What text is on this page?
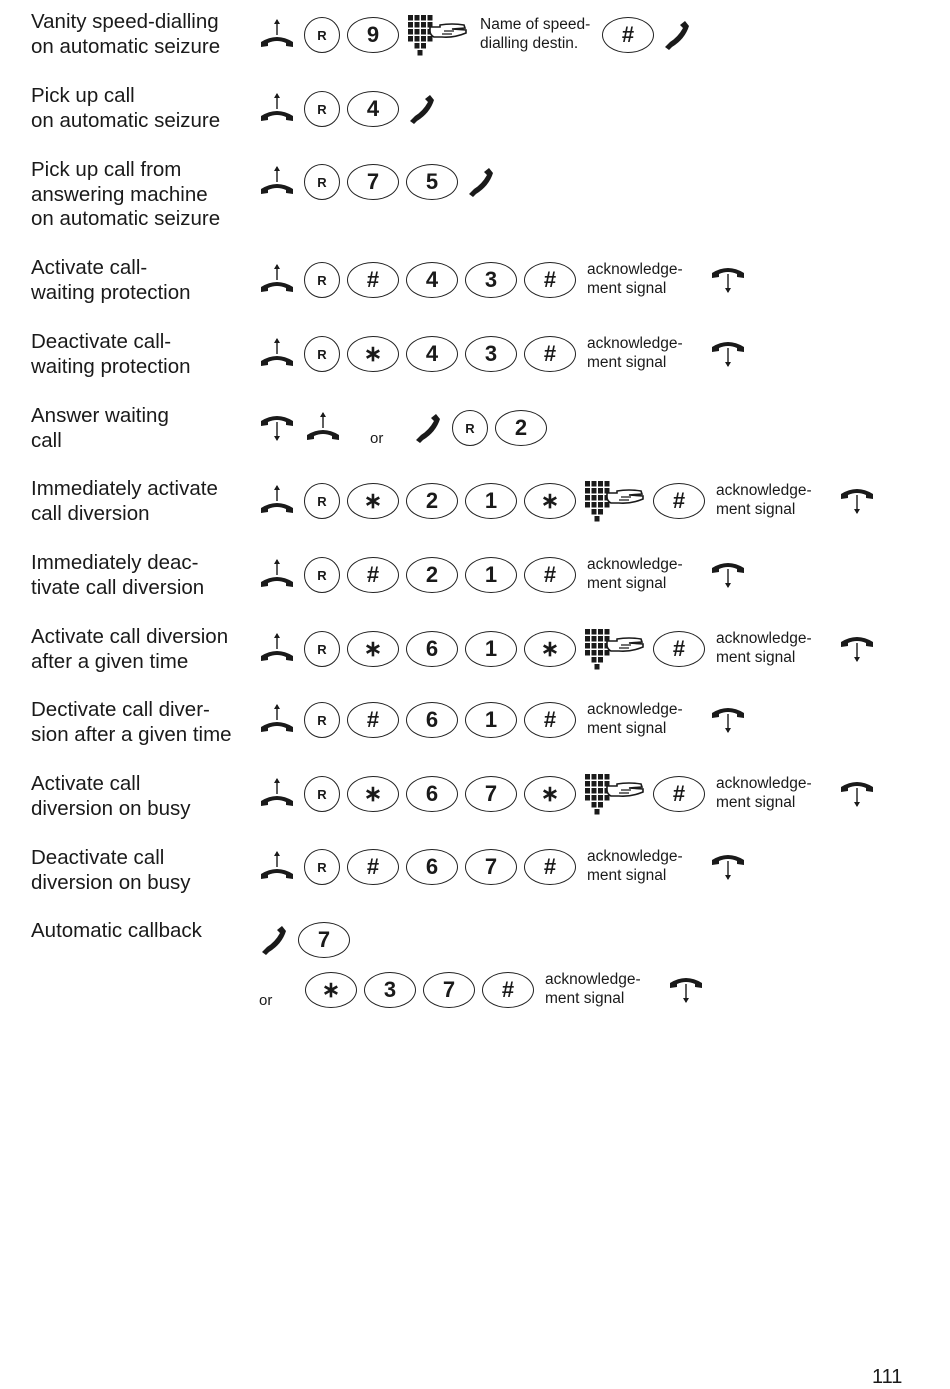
Vanity speed-dialling
on automatic seizure	R	9	Name of speed-
dialling destin.	#
Pick up call
on automatic seizure	R	4
Pick up call from
answering machine
on automatic seizure
R	7	5
Activate call-
waiting protection
R	#	4	3	#	acknowledge-
ment signal
Deactivate call-
waiting protection
R	∗	4	3	#	acknowledge-
ment signal
Answer waiting
call	or
R	2
Immediately activate
call diversion
R	∗	2	1	∗	#	acknowledge-
ment signal
Immediately deac-
tivate call diversion
R	#	2	1	#	acknowledge-
ment signal
Activate call diversion
after a given time
R	∗	6	1	∗	#	acknowledge-
ment signal
Dectivate call diver-
sion after a given time
R	#	6	1	#	acknowledge-
ment signal
Activate call
diversion on busy
R	∗	6	7	∗	#	acknowledge-
ment signal
Deactivate call
diversion on busy
R	#	6	7	#	acknowledge-
ment signal
Automatic callback	7
or	∗	3	7	#	acknowledge-
ment signal
111
